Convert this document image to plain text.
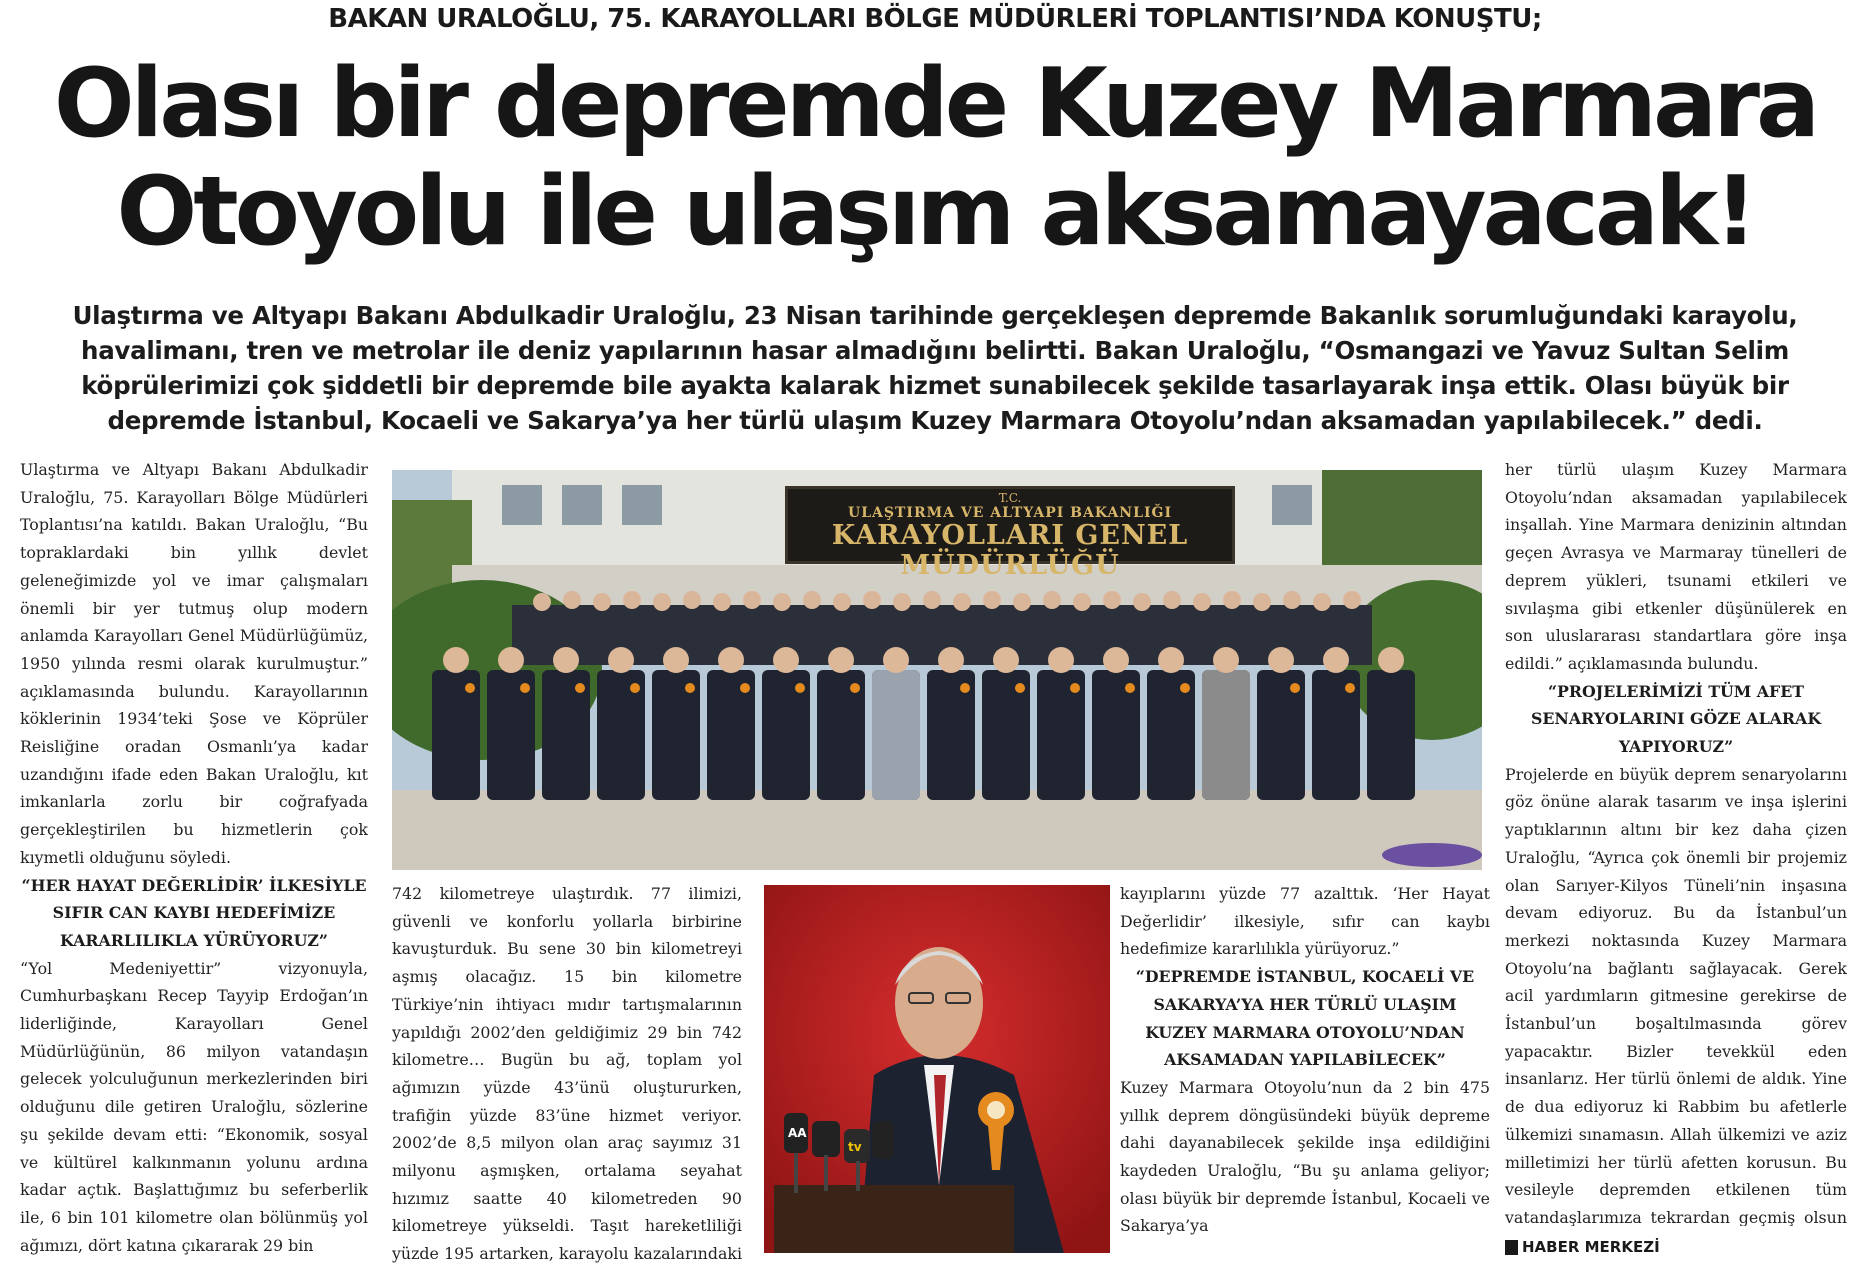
BAKAN URALOĞLU, 75. KARAYOLLARI BÖLGE MÜDÜRLERİ TOPLANTISI’NDA KONUŞTU;
Olası bir depremde Kuzey Marmara
Otoyolu ile ulaşım aksamayacak!
Ulaştırma ve Altyapı Bakanı Abdulkadir Uraloğlu, 23 Nisan tarihinde gerçekleşen depremde Bakanlık sorumluğundaki karayolu,
havalimanı, tren ve metrolar ile deniz yapılarının hasar almadığını belirtti. Bakan Uraloğlu, “Osmangazi ve Yavuz Sultan Selim
köprülerimizi çok şiddetli bir depremde bile ayakta kalarak hizmet sunabilecek şekilde tasarlayarak inşa ettik. Olası büyük bir
depremde İstanbul, Kocaeli ve Sakarya’ya her türlü ulaşım Kuzey Marmara Otoyolu’ndan aksamadan yapılabilecek.” dedi.

Ulaştırma ve Altyapı Bakanı Abdulkadir Uraloğlu, 75. Karayolları Bölge Müdürleri Toplantısı’na katıldı. Bakan Uraloğlu, “Bu topraklardaki bin yıllık devlet geleneğimizde yol ve imar çalışmaları önemli bir yer tutmuş olup modern anlamda Karayolları Genel Müdürlüğümüz, 1950 yılında resmi olarak kurulmuştur.” açıklamasında bulundu. Karayollarının köklerinin 1934’teki Şose ve Köprüler Reisliğine oradan Osmanlı’ya kadar uzandığını ifade eden Bakan Uraloğlu, kıt imkanlarla zorlu bir coğrafyada gerçekleştirilen bu hizmetlerin çok kıymetli olduğunu söyledi.

“HER HAYAT DEĞERLİDİR’ İLKESİYLE SIFIR CAN KAYBI HEDEFİMİZE KARARLILIKLA YÜRÜYORUZ”

“Yol Medeniyettir” vizyonuyla, Cumhurbaşkanı Recep Tayyip Erdoğan’ın liderliğinde, Karayolları Genel Müdürlüğünün, 86 milyon vatandaşın gelecek yolculuğunun merkezlerinden biri olduğunu dile getiren Uraloğlu, sözlerine şu şekilde devam etti: “Ekonomik, sosyal ve kültürel kalkınmanın yolunu ardına kadar açtık. Başlattığımız bu seferberlik ile, 6 bin 101 kilometre olan bölünmüş yol ağımızı, dört katına çıkararak 29 bin

T.C.
ULAŞTIRMA VE ALTYAPI BAKANLIĞI
KARAYOLLARI GENEL MÜDÜRLÜĞÜ

742 kilometreye ulaştırdık. 77 ilimizi, güvenli ve konforlu yollarla birbirine kavuşturduk. Bu sene 30 bin kilometreyi aşmış olacağız. 15 bin kilometre Türkiye’nin ihtiyacı mıdır tartışmalarının yapıldığı 2002’den geldiğimiz 29 bin 742 kilometre… Bugün bu ağ, toplam yol ağımızın yüzde 43’ünü oluştururken, trafiğin yüzde 83’üne hizmet veriyor. 2002’de 8,5 milyon olan araç sayımız 31 milyonu aşmışken, ortalama seyahat hızımız saatte 40 kilometreden 90 kilometreye yükseldi. Taşıt hareketliliği yüzde 195 artarken, karayolu kazalarındaki

AA
tv

kayıplarını yüzde 77 azalttık. ‘Her Hayat Değerlidir’ ilkesiyle, sıfır can kaybı hedefimize kararlılıkla yürüyoruz.”

“DEPREMDE İSTANBUL, KOCAELİ VE SAKARYA’YA HER TÜRLÜ ULAŞIM KUZEY MARMARA OTOYOLU’NDAN AKSAMADAN YAPILABİLECEK”

Kuzey Marmara Otoyolu’nun da 2 bin 475 yıllık deprem döngüsündeki büyük depreme dahi dayanabilecek şekilde inşa edildiğini kaydeden Uraloğlu, “Bu şu anlama geliyor; olası büyük bir depremde İstanbul, Kocaeli ve Sakarya’ya

her türlü ulaşım Kuzey Marmara Otoyolu’ndan aksamadan yapılabilecek inşallah. Yine Marmara denizinin altından geçen Avrasya ve Marmaray tünelleri de deprem yükleri, tsunami etkileri ve sıvılaşma gibi etkenler düşünülerek en son uluslararası standartlara göre inşa edildi.” açıklamasında bulundu.

“PROJELERİMİZİ TÜM AFET SENARYOLARINI GÖZE ALARAK YAPIYORUZ”

Projelerde en büyük deprem senaryolarını göz önüne alarak tasarım ve inşa işlerini yaptıklarının altını bir kez daha çizen Uraloğlu, “Ayrıca çok önemli bir projemiz olan Sarıyer-Kilyos Tüneli’nin inşasına devam ediyoruz. Bu da İstanbul’un merkezi noktasında Kuzey Marmara Otoyolu’na bağlantı sağlayacak. Gerek acil yardımların gitmesine gerekirse de İstanbul’un boşaltılmasında görev yapacaktır. Bizler tevekkül eden insanlarız. Her türlü önlemi de aldık. Yine de dua ediyoruz ki Rabbim bu afetlerle ülkemizi sınamasın. Allah ülkemizi ve aziz milletimizi her türlü afetten korusun. Bu vesileyle depremden etkilenen tüm vatandaşlarımıza tekrardan geçmiş olsun

HABER MERKEZİ
